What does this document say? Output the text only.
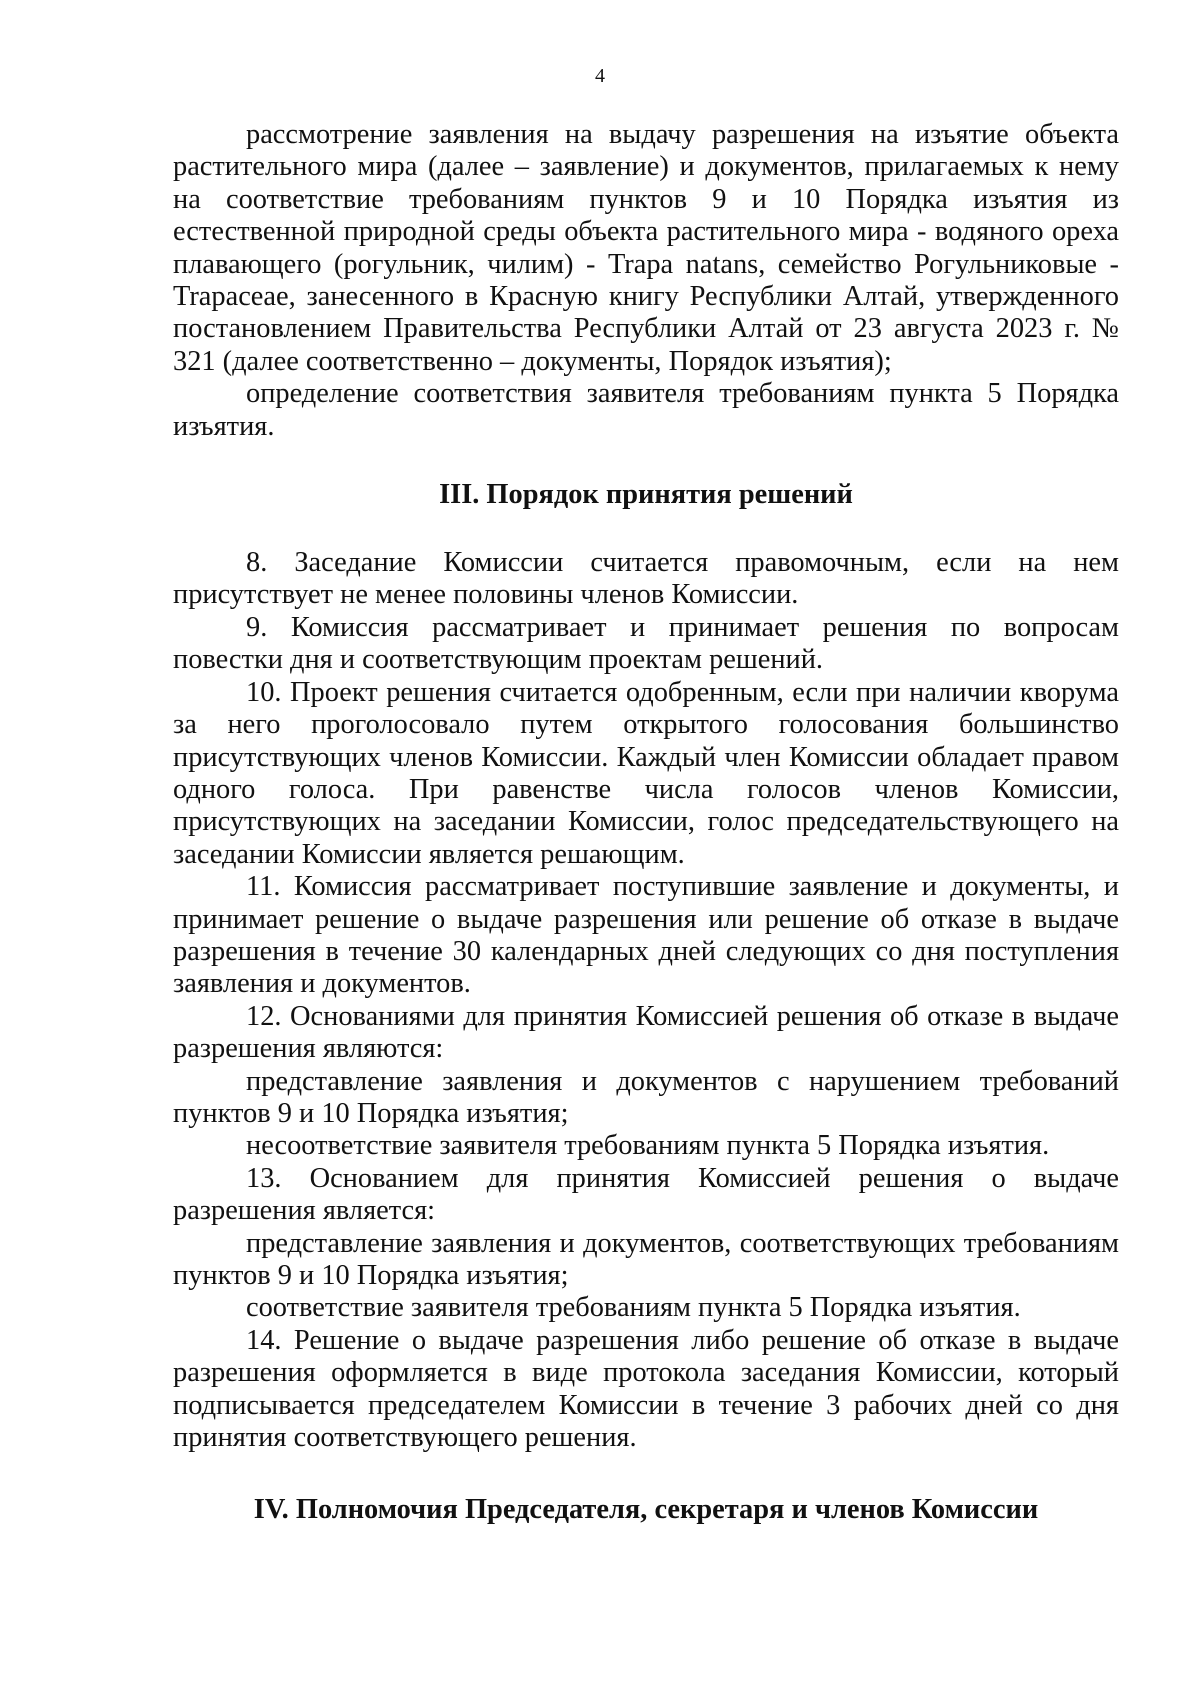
4

рассмотрение заявления на выдачу разрешения на изъятие объекта растительного мира (далее – заявление) и документов, прилагаемых к нему на соответствие требованиям пунктов 9 и 10 Порядка изъятия из естественной природной среды объекта растительного мира - водяного ореха плавающего (рогульник, чилим) - Trapa natans, семейство Рогульниковые - Trapaceae, занесенного в Красную книгу Республики Алтай, утвержденного постановлением Правительства Республики Алтай от 23 августа 2023 г. № 321 (далее соответственно – документы, Порядок изъятия);

определение соответствия заявителя требованиям пункта 5 Порядка изъятия.

III. Порядок принятия решений

8. Заседание Комиссии считается правомочным, если на нем присутствует не менее половины членов Комиссии.

9. Комиссия рассматривает и принимает решения по вопросам повестки дня и соответствующим проектам решений.

10. Проект решения считается одобренным, если при наличии кворума за него проголосовало путем открытого голосования большинство присутствующих членов Комиссии. Каждый член Комиссии обладает правом одного голоса. При равенстве числа голосов членов Комиссии, присутствующих на заседании Комиссии, голос председательствующего на заседании Комиссии является решающим.

11. Комиссия рассматривает поступившие заявление и документы, и принимает решение о выдаче разрешения или решение об отказе в выдаче разрешения в течение 30 календарных дней следующих со дня поступления заявления и документов.

12. Основаниями для принятия Комиссией решения об отказе в выдаче разрешения являются:

представление заявления и документов с нарушением требований пунктов 9 и 10 Порядка изъятия;

несоответствие заявителя требованиям пункта 5 Порядка изъятия.

13. Основанием для принятия Комиссией решения о выдаче разрешения является:

представление заявления и документов, соответствующих требованиям пунктов 9 и 10 Порядка изъятия;

соответствие заявителя требованиям пункта 5 Порядка изъятия.

14. Решение о выдаче разрешения либо решение об отказе в выдаче разрешения оформляется в виде протокола заседания Комиссии, который подписывается председателем Комиссии в течение 3 рабочих дней со дня принятия соответствующего решения.

IV. Полномочия Председателя, секретаря и членов Комиссии
